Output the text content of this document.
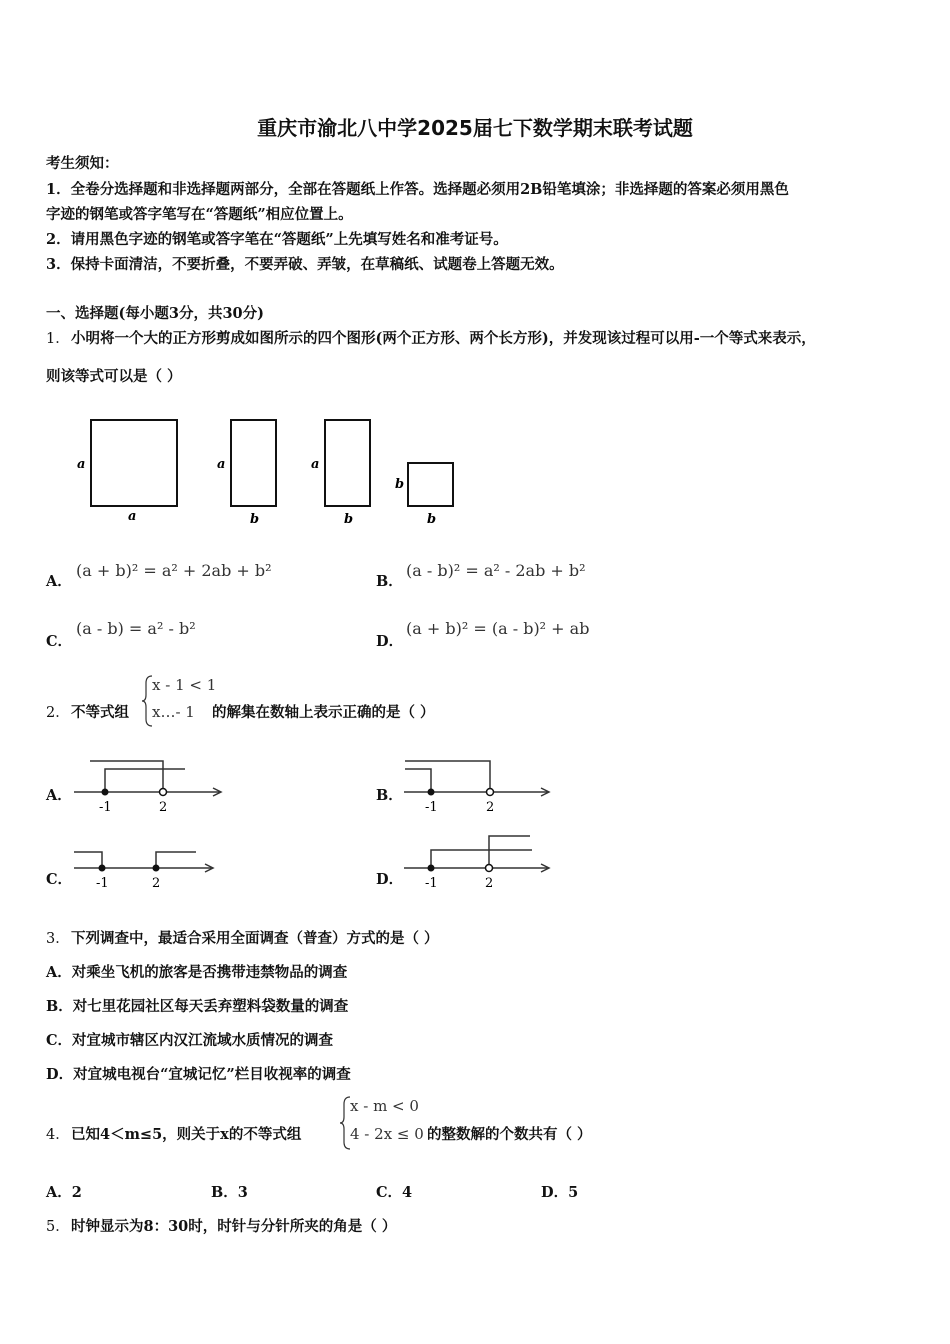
重庆市渝北八中学2025届七下数学期末联考试题
考生须知：
1．全卷分选择题和非选择题两部分，全部在答题纸上作答。选择题必须用2B铅笔填涂；非选择题的答案必须用黑色
字迹的钢笔或答字笔写在“答题纸”相应位置上。
2．请用黑色字迹的钢笔或答字笔在“答题纸”上先填写姓名和准考证号。
3．保持卡面清洁，不要折叠，不要弄破、弄皱，在草稿纸、试题卷上答题无效。
一、选择题(每小题3分，共30分)
1． 小明将一个大的正方形剪成如图所示的四个图形(两个正方形、两个长方形)，并发现该过程可以用-一个等式来表示，
则该等式可以是（ ）
a
a
a
b
a
b
b
b
A．
(a + b)² = a² + 2ab + b²
B．
(a - b)² = a² - 2ab + b²
C．
(a - b) = a² - b²
D．
(a + b)² = (a - b)² + ab
2． 不等式组
x - 1 < 1
x…- 1 的解集在数轴上表示正确的是（ ）
A．	B．
C．	D．
-1	2	-1	2
-1	2	-1	2
3． 下列调查中，最适合采用全面调查（普查）方式的是（ ）
A．对乘坐飞机的旅客是否携带违禁物品的调查
B．对七里花园社区每天丢弃塑料袋数量的调查
C．对宜城市辖区内汉江流域水质情况的调查
D．对宜城电视台“宜城记忆”栏目收视率的调查
4． 已知4＜m≤5，则关于x的不等式组
x - m < 0
4 - 2x ≤ 0 的整数解的个数共有（ ）
A．2	B．3	C．4	D．5
5． 时钟显示为8：30时，时针与分针所夹的角是（ ）
